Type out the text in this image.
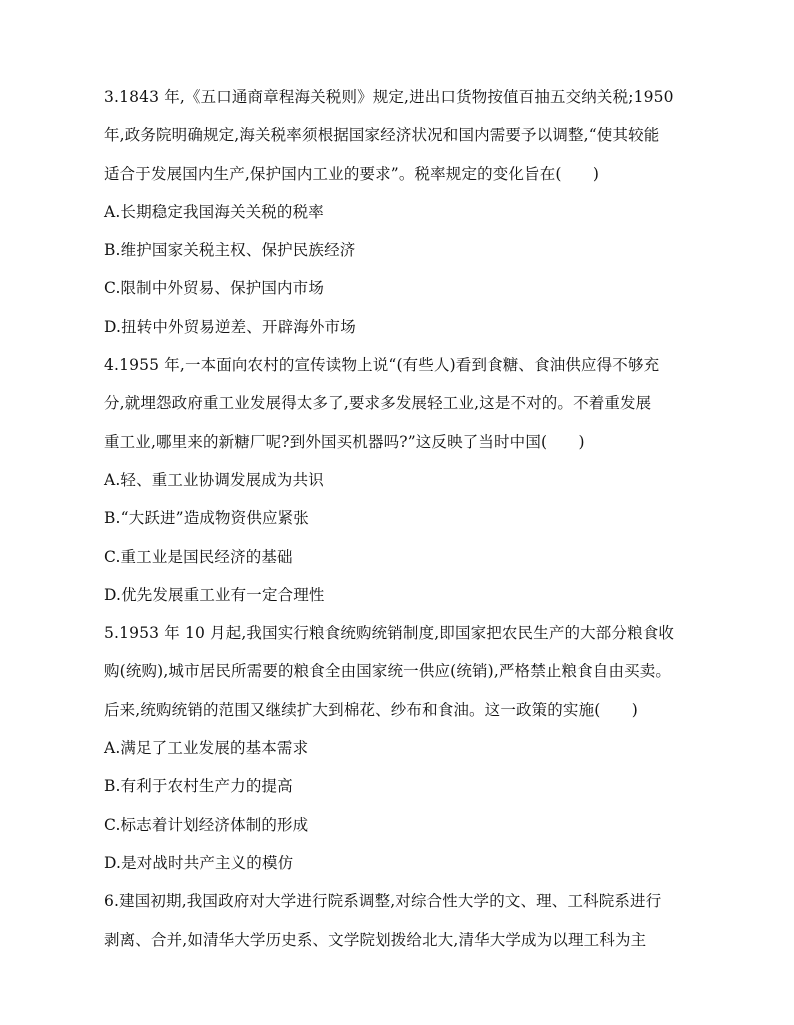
3.1843 年,《五口通商章程海关税则》规定,进出口货物按值百抽五交纳关税;1950
年,政务院明确规定,海关税率须根据国家经济状况和国内需要予以调整,“使其较能
适合于发展国内生产,保护国内工业的要求”。税率规定的变化旨在(　　)
A.长期稳定我国海关关税的税率
B.维护国家关税主权、保护民族经济
C.限制中外贸易、保护国内市场
D.扭转中外贸易逆差、开辟海外市场
4.1955 年,一本面向农村的宣传读物上说“(有些人)看到食糖、食油供应得不够充
分,就埋怨政府重工业发展得太多了,要求多发展轻工业,这是不对的。不着重发展
重工业,哪里来的新糖厂呢?到外国买机器吗?”这反映了当时中国(　　)
A.轻、重工业协调发展成为共识
B.“大跃进”造成物资供应紧张
C.重工业是国民经济的基础
D.优先发展重工业有一定合理性
5.1953 年 10 月起,我国实行粮食统购统销制度,即国家把农民生产的大部分粮食收
购(统购),城市居民所需要的粮食全由国家统一供应(统销),严格禁止粮食自由买卖。
后来,统购统销的范围又继续扩大到棉花、纱布和食油。这一政策的实施(　　)
A.满足了工业发展的基本需求
B.有利于农村生产力的提高
C.标志着计划经济体制的形成
D.是对战时共产主义的模仿
6.建国初期,我国政府对大学进行院系调整,对综合性大学的文、理、工科院系进行
剥离、合并,如清华大学历史系、文学院划拨给北大,清华大学成为以理工科为主
